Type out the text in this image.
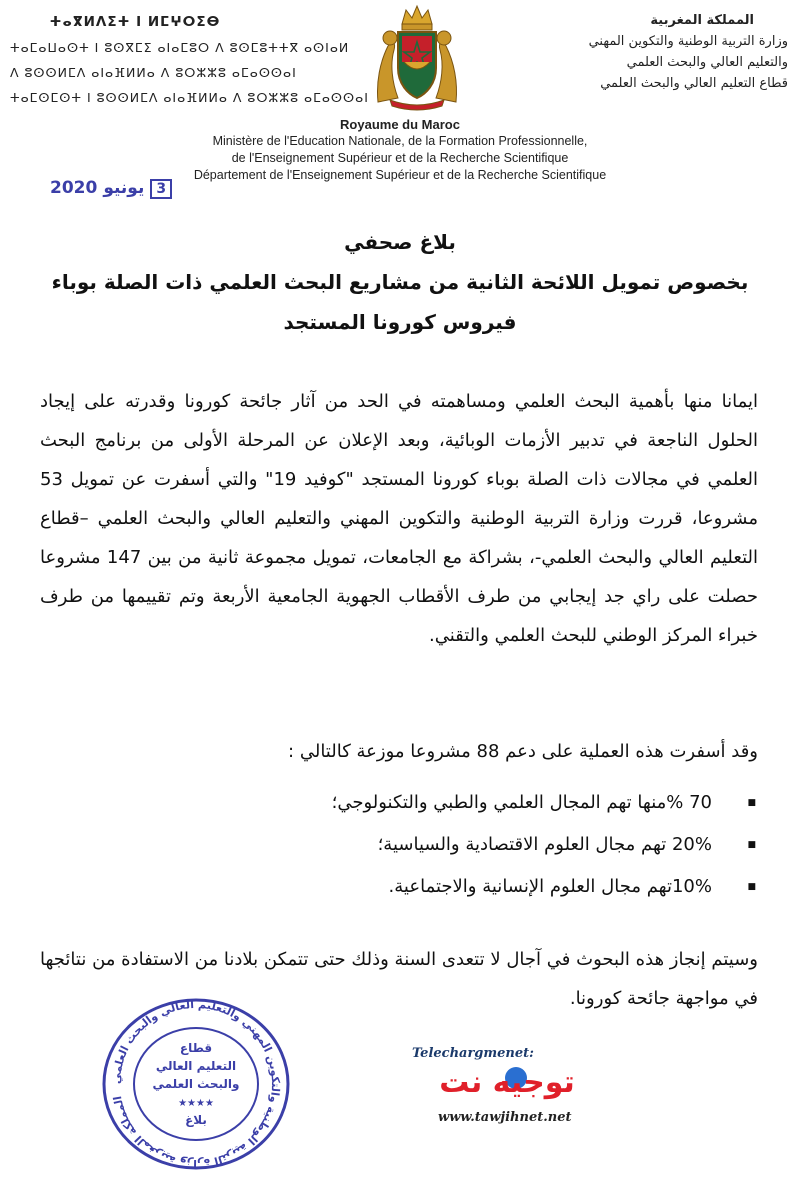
ⵜⴰⴳⵍⴷⵉⵜ ⵏ ⵍⵎⵖⵔⵉⴱ
ⵜⴰⵎⴰⵡⴰⵙⵜ ⵏ ⵓⵙⴳⵎⵉ ⴰⵏⴰⵎⵓⵔ ⴷ ⵓⵙⵎⵓⵜⵜⴳ ⴰⵙⵏⴰⵍ
ⴷ ⵓⵙⵙⵍⵎⴷ ⴰⵏⴰⴼⵍⵍⴰ ⴷ ⵓⵔⵣⵣⵓ ⴰⵎⴰⵙⵙⴰⵏ
ⵜⴰⵎⵙⵎⵙⵜ ⵏ ⵓⵙⵙⵍⵎⴷ ⴰⵏⴰⴼⵍⵍⴰ ⴷ ⵓⵔⵣⵣⵓ ⴰⵎⴰⵙⵙⴰⵏ
المملكة المغربية
وزارة التربية الوطنية والتكوين المهني
والتعليم العالي والبحث العلمي
قطاع التعليم العالي والبحث العلمي
Royaume du Maroc
Ministère de l'Education Nationale, de la Formation Professionnelle,
de l'Enseignement Supérieur et de la Recherche Scientifique
Département de l'Enseignement Supérieur et de la Recherche Scientifique
3يونيو2020
بلاغ صحفي
بخصوص تمويل اللائحة الثانية من مشاريع البحث العلمي ذات الصلة بوباء
فيروس كورونا المستجد
ايمانا منها بأهمية البحث العلمي ومساهمته في الحد من آثار جائحة كورونا وقدرته على إيجاد الحلول الناجعة في تدبير الأزمات الوبائية، وبعد الإعلان عن المرحلة الأولى من برنامج البحث العلمي في مجالات ذات الصلة بوباء كورونا المستجد "كوفيد 19" والتي أسفرت عن تمويل 53 مشروعا، قررت وزارة التربية الوطنية والتكوين المهني والتعليم العالي والبحث العلمي –قطاع التعليم العالي والبحث العلمي-، بشراكة مع الجامعات، تمويل مجموعة ثانية من بين 147 مشروعا حصلت على راي جد إيجابي من طرف الأقطاب الجهوية الجامعية الأربعة وتم تقييمها من طرف خبراء المركز الوطني للبحث العلمي والتقني.
وقد أسفرت هذه العملية على دعم 88 مشروعا موزعة كالتالي :
■ 70 %منها تهم المجال العلمي والطبي والتكنولوجي؛
■ 20% تهم مجال العلوم الاقتصادية والسياسية؛
■ 10%تهم مجال العلوم الإنسانية والاجتماعية.
وسيتم إنجاز هذه البحوث في آجال لا تتعدى السنة وذلك حتى تتمكن بلادنا من الاستفادة من نتائجها في مواجهة جائحة كورونا.
المملكة المغربية وزارة التربية الوطنية والتكوين المهني والتعليم العالي والبحث العلمي
قطاع
التعليم العالي
والبحث العلمي
★★★★
بلاغ
Telechargmenet:
توجيه نت
www.tawjihnet.net
